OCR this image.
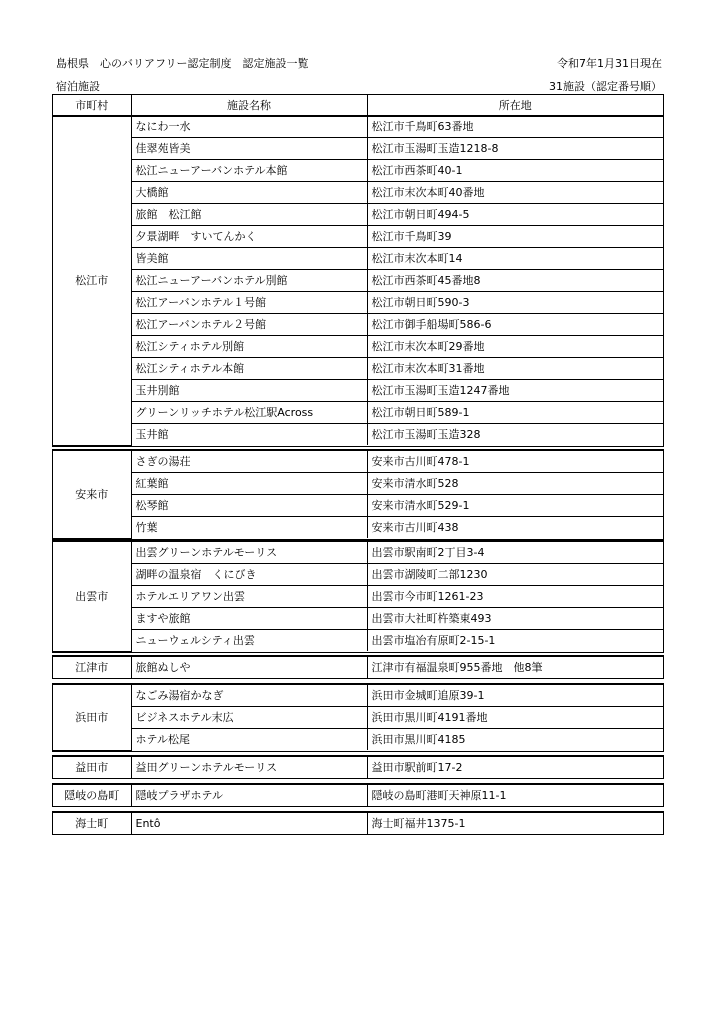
島根県　心のバリアフリー認定制度　認定施設一覧	令和7年1月31日現在
宿泊施設	31施設（認定番号順）
市町村	施設名称	所在地
松江市	なにわ一水	松江市千鳥町63番地
	佳翠苑皆美	松江市玉湯町玉造1218-8
	松江ニューアーバンホテル本館	松江市西茶町40-1
	大橋館	松江市末次本町40番地
	旅館　松江館	松江市朝日町494-5
	夕景湖畔　すいてんかく	松江市千鳥町39
	皆美館	松江市末次本町14
	松江ニューアーバンホテル別館	松江市西茶町45番地8
	松江アーバンホテル１号館	松江市朝日町590-3
	松江アーバンホテル２号館	松江市御手船場町586-6
	松江シティホテル別館	松江市末次本町29番地
	松江シティホテル本館	松江市末次本町31番地
	玉井別館	松江市玉湯町玉造1247番地
	グリーンリッチホテル松江駅Across	松江市朝日町589-1
	玉井館	松江市玉湯町玉造328
安来市	さぎの湯荘	安来市古川町478-1
	紅葉館	安来市清水町528
	松琴館	安来市清水町529-1
	竹葉	安来市古川町438
出雲市	出雲グリーンホテルモーリス	出雲市駅南町2丁目3-4
	湖畔の温泉宿　くにびき	出雲市湖陵町二部1230
	ホテルエリアワン出雲	出雲市今市町1261-23
	ますや旅館	出雲市大社町杵築東493
	ニューウェルシティ出雲	出雲市塩冶有原町2-15-1
江津市	旅館ぬしや	江津市有福温泉町955番地　他8筆
浜田市	なごみ湯宿かなぎ	浜田市金城町追原39-1
	ビジネスホテル末広	浜田市黒川町4191番地
	ホテル松尾	浜田市黒川町4185
益田市	益田グリーンホテルモーリス	益田市駅前町17-2
隠岐の島町	隠岐プラザホテル	隠岐の島町港町天神原11-1
海士町	Entô	海士町福井1375-1
